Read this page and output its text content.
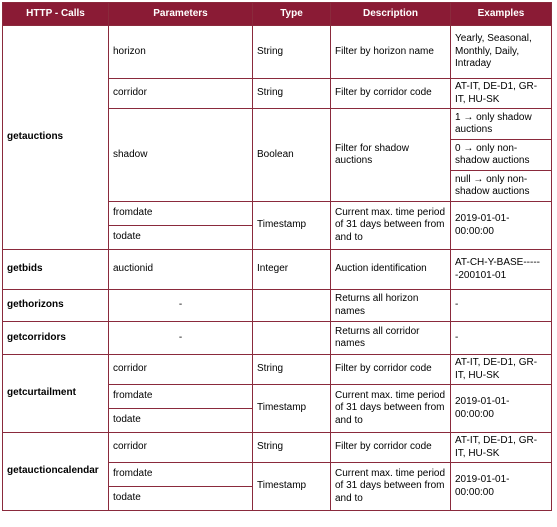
HTTP - Calls	Parameters	Type	Description	Examples
getauctions	horizon	String	Filter by horizon name	Yearly, Seasonal, Monthly, Daily, Intraday
	corridor	String	Filter by corridor code	AT-IT, DE-D1, GR-IT, HU-SK
	shadow	Boolean	Filter for shadow auctions	1 → only shadow auctions
				0 → only non-shadow auctions
				null → only non-shadow auctions
	fromdate	Timestamp	Current max. time period of 31 days between from and to	2019-01-01-00:00:00
	todate			
getbids	auctionid	Integer	Auction identification	AT-CH-Y-BASE------200101-01
gethorizons	-		Returns all horizon names	-
getcorridors	-		Returns all corridor names	-
getcurtailment	corridor	String	Filter by corridor code	AT-IT, DE-D1, GR-IT, HU-SK
	fromdate	Timestamp	Current max. time period of 31 days between from and to	2019-01-01-00:00:00
	todate			
getauctioncalendar	corridor	String	Filter by corridor code	AT-IT, DE-D1, GR-IT, HU-SK
	fromdate	Timestamp	Current max. time period of 31 days between from and to	2019-01-01-00:00:00
	todate			
